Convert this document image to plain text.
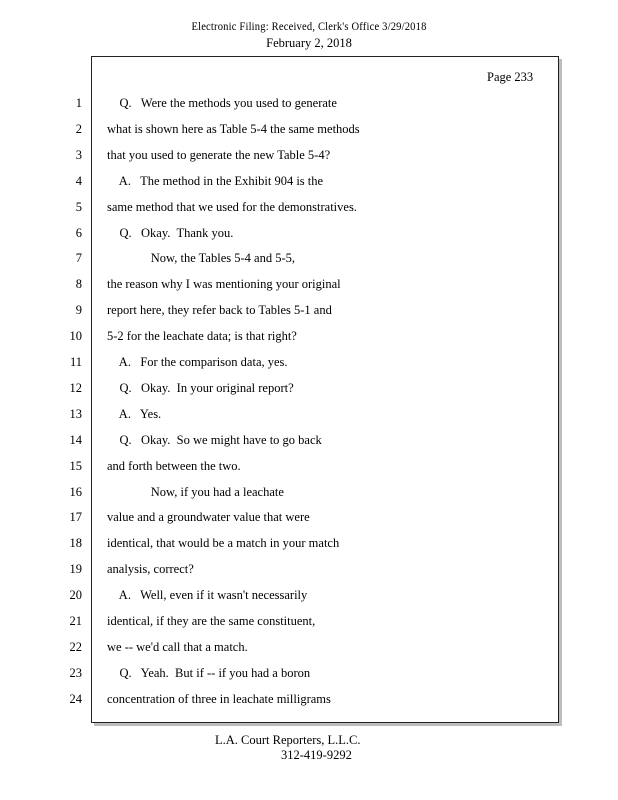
Electronic Filing: Received, Clerk's Office 3/29/2018
February 2, 2018
Page 233
1 Q.   Were the methods you used to generate
2 what is shown here as Table 5-4 the same methods
3 that you used to generate the new Table 5-4?
4 A.   The method in the Exhibit 904 is the
5 same method that we used for the demonstratives.
6 Q.   Okay.  Thank you.
7 Now, the Tables 5-4 and 5-5,
8 the reason why I was mentioning your original
9 report here, they refer back to Tables 5-1 and
10 5-2 for the leachate data; is that right?
11 A.   For the comparison data, yes.
12 Q.   Okay.  In your original report?
13 A.   Yes.
14 Q.   Okay.  So we might have to go back
15 and forth between the two.
16 Now, if you had a leachate
17 value and a groundwater value that were
18 identical, that would be a match in your match
19 analysis, correct?
20 A.   Well, even if it wasn't necessarily
21 identical, if they are the same constituent,
22 we -- we'd call that a match.
23 Q.   Yeah.  But if -- if you had a boron
24 concentration of three in leachate milligrams
L.A. Court Reporters, L.L.C.
312-419-9292
